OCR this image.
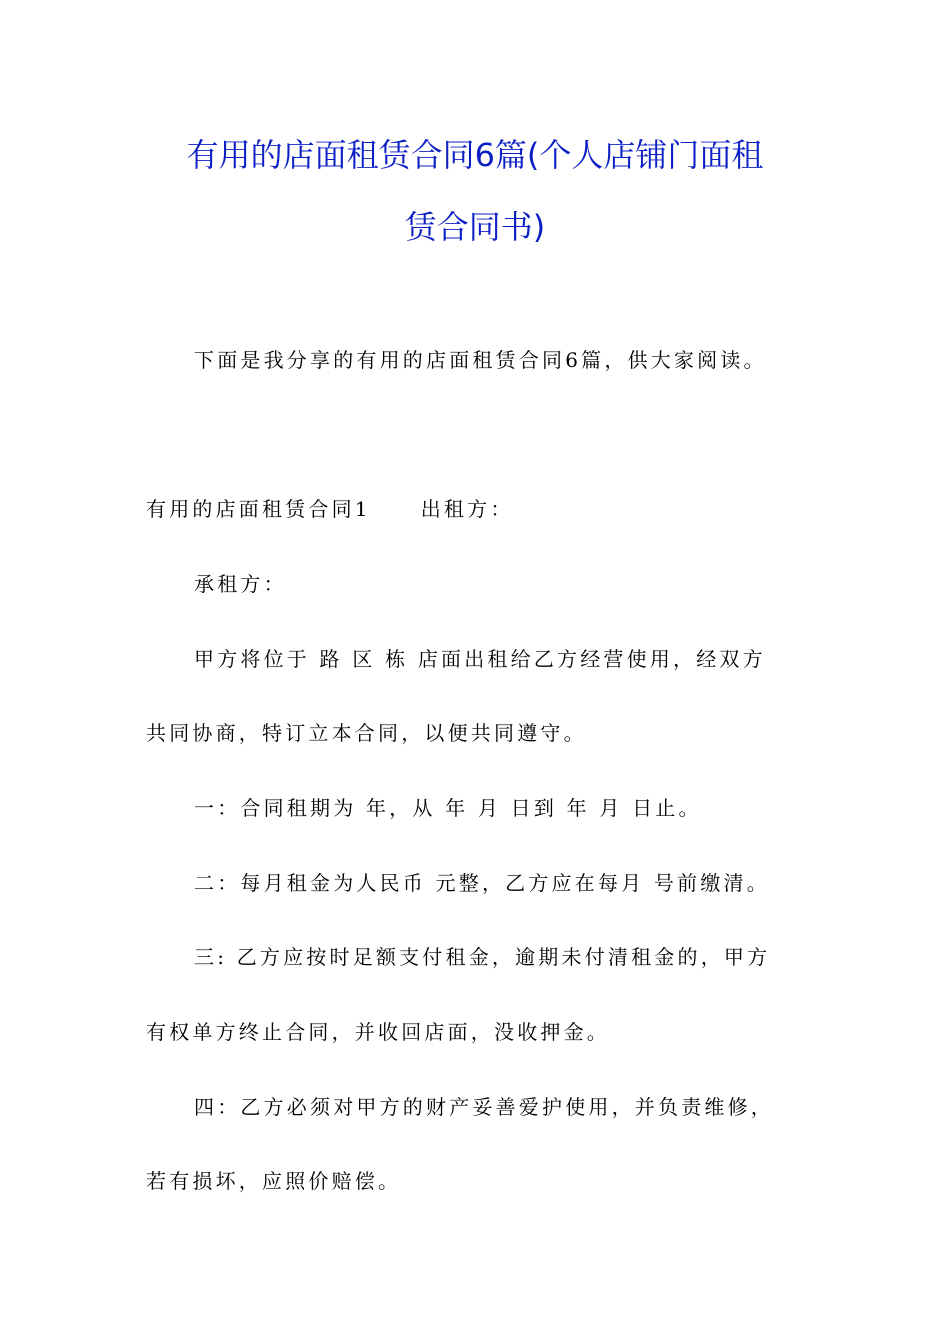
有用的店面租赁合同6篇(个人店铺门面租
赁合同书)
下面是我分享的有用的店面租赁合同6篇，供大家阅读。
有用的店面租赁合同1	出租方：
承租方：
甲方将位于 路 区 栋 店面出租给乙方经营使用，经双方
共同协商，特订立本合同，以便共同遵守。
一：合同租期为 年，从 年 月 日到 年 月 日止。
二：每月租金为人民币 元整，乙方应在每月 号前缴清。
三: 乙方应按时足额支付租金，逾期未付清租金的，甲方
有权单方终止合同，并收回店面，没收押金。
四：乙方必须对甲方的财产妥善爱护使用，并负责维修，
若有损坏，应照价赔偿。
